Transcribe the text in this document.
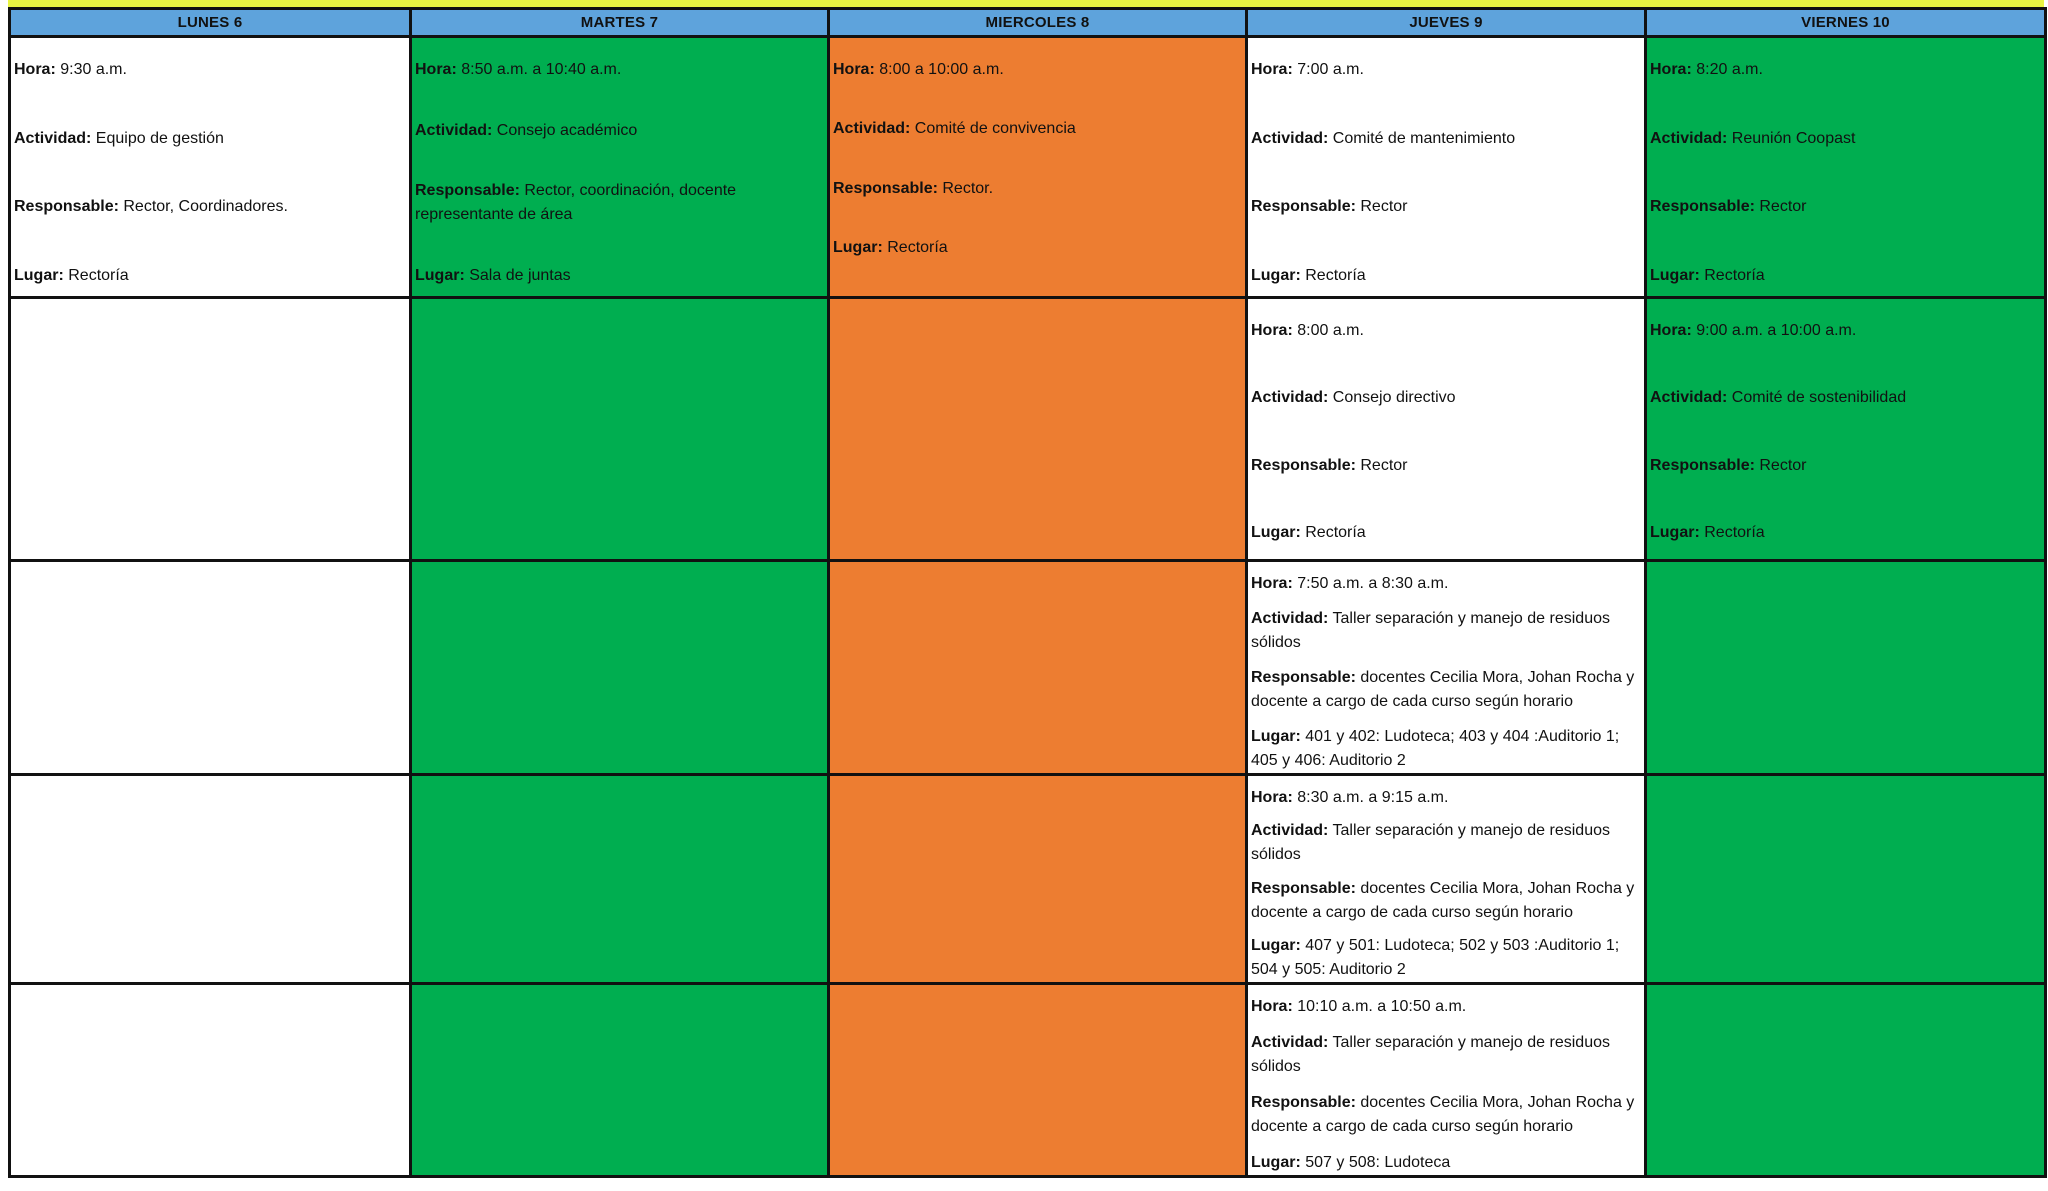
LUNES 6	MARTES 7	MIERCOLES 8	JUEVES 9	VIERNES 10

Hora: 9:30 a.m.
Actividad: Equipo de gestión
Responsable: Rector, Coordinadores.
Lugar: Rectoría	Hora: 8:50 a.m. a 10:40 a.m.
Actividad: Consejo académico
Responsable: Rector, coordinación, docente representante de área
Lugar: Sala de juntas	Hora: 8:00 a 10:00 a.m.
Actividad: Comité de convivencia
Responsable: Rector.
Lugar: Rectoría	Hora: 7:00 a.m.
Actividad: Comité de mantenimiento
Responsable: Rector
Lugar: Rectoría	Hora: 8:20 a.m.
Actividad: Reunión Coopast
Responsable: Rector
Lugar: Rectoría

			Hora: 8:00 a.m.
Actividad: Consejo directivo
Responsable: Rector
Lugar: Rectoría	Hora: 9:00 a.m. a 10:00 a.m.
Actividad: Comité de sostenibilidad
Responsable: Rector
Lugar: Rectoría

			Hora: 7:50 a.m. a 8:30 a.m.
Actividad: Taller separación y manejo de residuos sólidos
Responsable: docentes Cecilia Mora, Johan Rocha y docente a cargo de cada curso según horario
Lugar: 401 y 402: Ludoteca; 403 y 404 :Auditorio 1; 405 y 406: Auditorio 2	

			Hora: 8:30 a.m. a 9:15 a.m.
Actividad: Taller separación y manejo de residuos sólidos
Responsable: docentes Cecilia Mora, Johan Rocha y docente a cargo de cada curso según horario
Lugar: 407 y 501: Ludoteca; 502 y 503 :Auditorio 1; 504 y 505: Auditorio 2	

			Hora: 10:10 a.m. a 10:50 a.m.
Actividad: Taller separación y manejo de residuos sólidos
Responsable: docentes Cecilia Mora, Johan Rocha y docente a cargo de cada curso según horario
Lugar: 507 y 508: Ludoteca	
